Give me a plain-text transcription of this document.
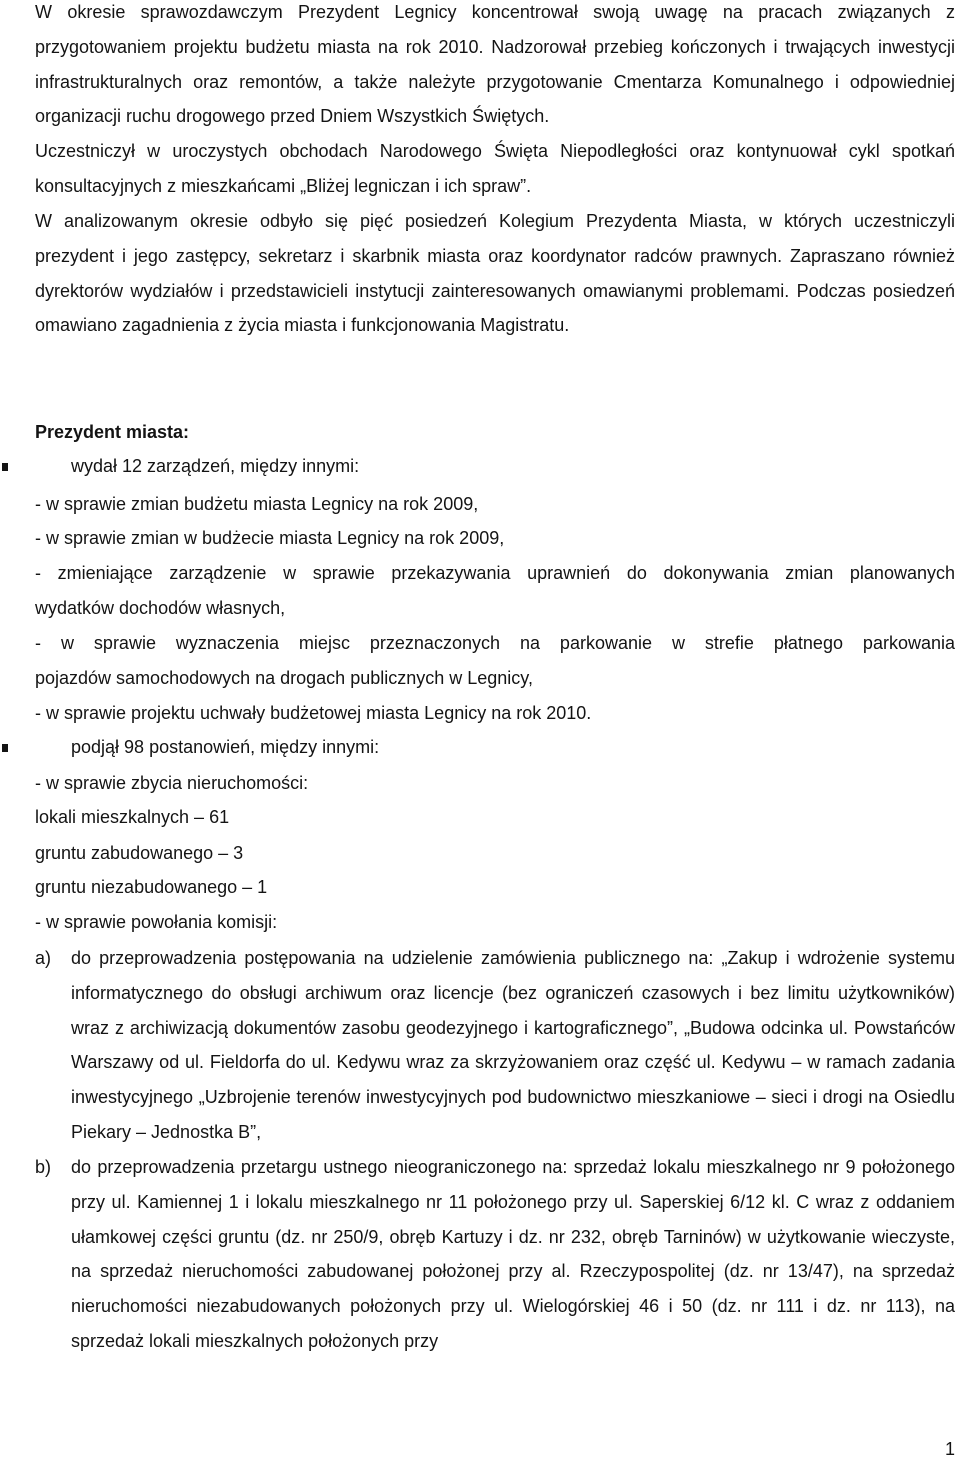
W okresie sprawozdawczym Prezydent Legnicy koncentrował swoją uwagę na pracach związanych z przygotowaniem projektu budżetu miasta na rok 2010. Nadzorował przebieg kończonych i trwających inwestycji infrastrukturalnych oraz remontów, a także należyte przygotowanie Cmentarza Komunalnego i odpowiedniej organizacji ruchu drogowego przed Dniem Wszystkich Świętych.

Uczestniczył w uroczystych obchodach Narodowego Święta Niepodległości oraz kontynuował cykl spotkań konsultacyjnych z mieszkańcami „Bliżej legniczan i ich spraw”.

W analizowanym okresie odbyło się pięć posiedzeń Kolegium Prezydenta Miasta, w których uczestniczyli prezydent i jego zastępcy, sekretarz i skarbnik miasta oraz koordynator radców prawnych. Zapraszano również dyrektorów wydziałów i przedstawicieli instytucji zainteresowanych omawianymi problemami. Podczas posiedzeń omawiano zagadnienia z życia miasta i funkcjonowania Magistratu.

Prezydent miasta:

wydał 12 zarządzeń, między innymi:
- w sprawie zmian budżetu miasta Legnicy na rok 2009,
- w sprawie zmian w budżecie miasta Legnicy na rok 2009,
- zmieniające zarządzenie w sprawie przekazywania uprawnień do dokonywania zmian planowanych
wydatków dochodów własnych,
- w sprawie wyznaczenia miejsc przeznaczonych na parkowanie w strefie płatnego parkowania
pojazdów samochodowych na drogach publicznych w Legnicy,
- w sprawie projektu uchwały budżetowej miasta Legnicy na rok 2010.
podjął 98 postanowień, między innymi:
- w sprawie zbycia nieruchomości:
lokali mieszkalnych – 61
gruntu zabudowanego – 3
gruntu niezabudowanego – 1
- w sprawie powołania komisji:
a) do przeprowadzenia postępowania na udzielenie zamówienia publicznego na: „Zakup i wdrożenie systemu informatycznego do obsługi archiwum oraz licencje (bez ograniczeń czasowych i bez limitu użytkowników) wraz z archiwizacją dokumentów zasobu geodezyjnego i kartograficznego”, „Budowa odcinka ul. Powstańców Warszawy od ul. Fieldorfa do ul. Kedywu wraz za skrzyżowaniem oraz część ul. Kedywu – w ramach zadania inwestycyjnego „Uzbrojenie terenów inwestycyjnych pod budownictwo mieszkaniowe – sieci i drogi na Osiedlu Piekary – Jednostka B”,

b) do przeprowadzenia przetargu ustnego nieograniczonego na: sprzedaż lokalu mieszkalnego nr 9 położonego przy ul. Kamiennej 1 i lokalu mieszkalnego nr 11 położonego przy ul. Saperskiej 6/12 kl. C wraz z oddaniem ułamkowej części gruntu (dz. nr 250/9, obręb Kartuzy i dz. nr 232, obręb Tarninów) w użytkowanie wieczyste, na sprzedaż nieruchomości zabudowanej położonej przy al. Rzeczypospolitej (dz. nr 13/47), na sprzedaż nieruchomości niezabudowanych położonych przy ul. Wielogórskiej 46 i 50 (dz. nr 111 i dz. nr 113), na sprzedaż lokali mieszkalnych położonych przy

1
